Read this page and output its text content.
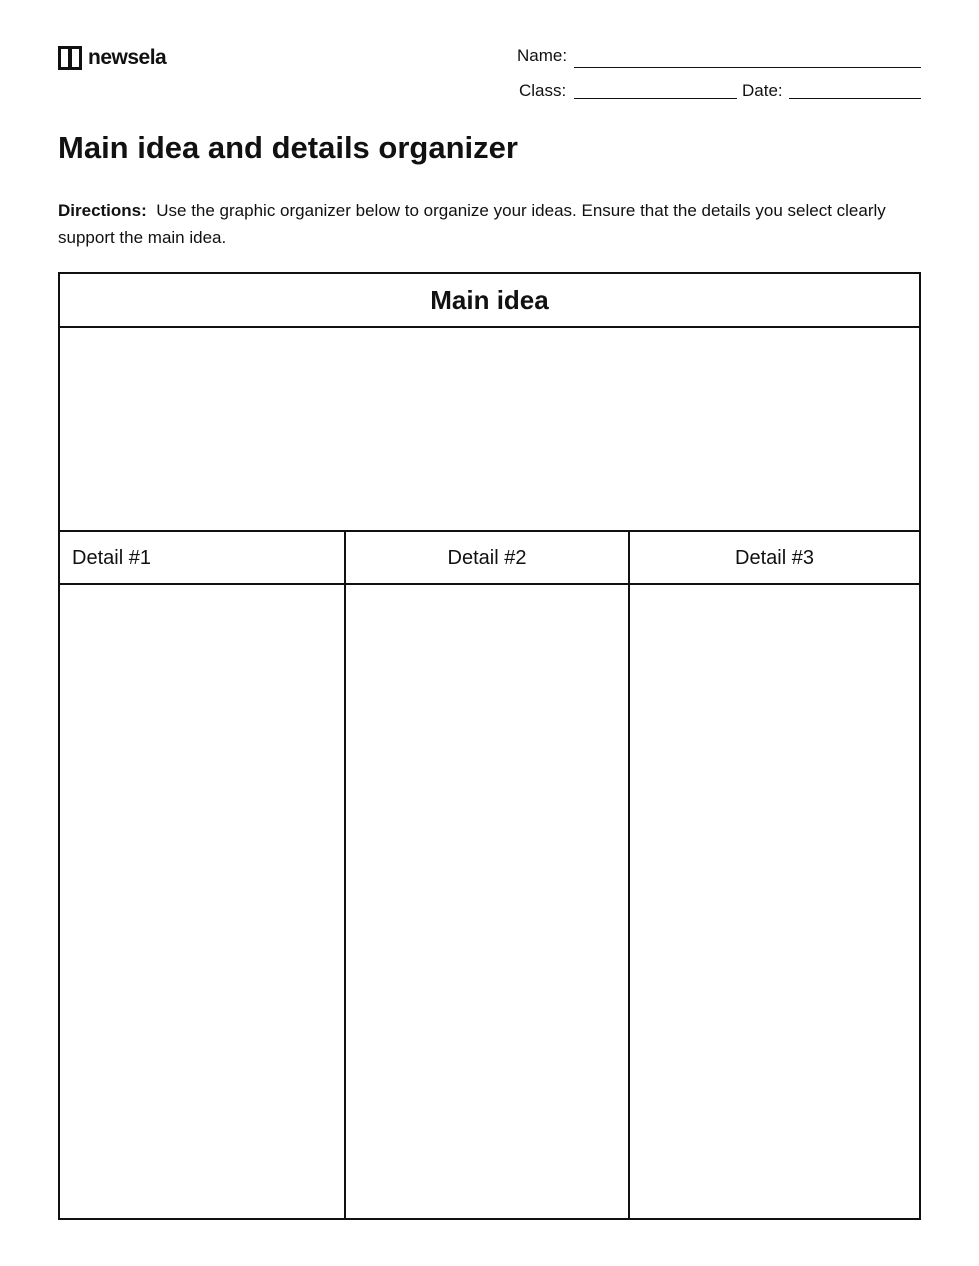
newsela	Name:
Class:	Date:
Main idea and details organizer

Directions: Use the graphic organizer below to organize your ideas. Ensure that the details you select clearly support the main idea.

Main idea
Detail #1	Detail #2	Detail #3
